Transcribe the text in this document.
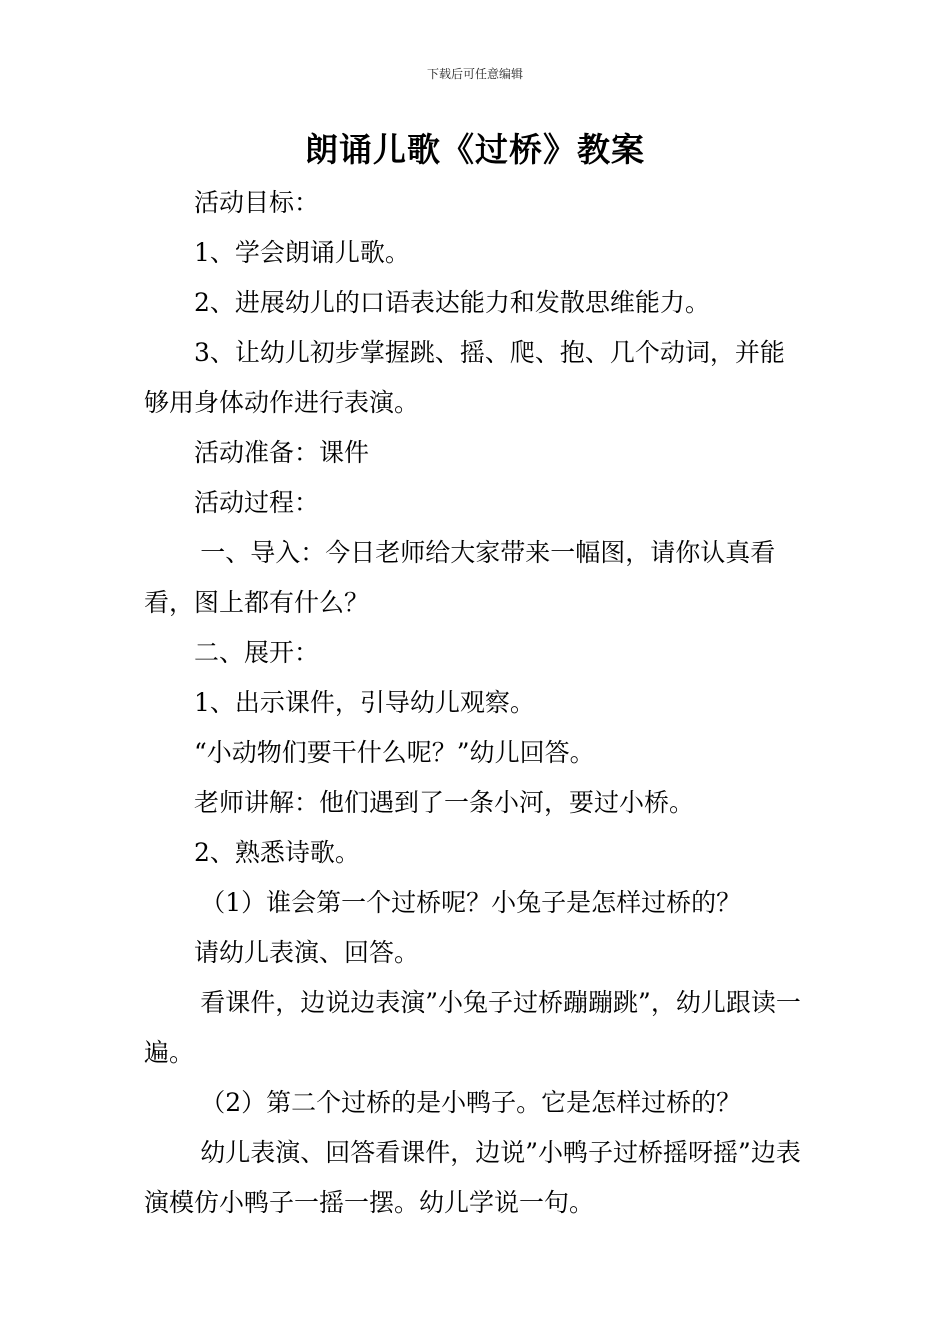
下载后可任意编辑
朗诵儿歌《过桥》教案

活动目标：

1、学会朗诵儿歌。

2、进展幼儿的口语表达能力和发散思维能力。

3、让幼儿初步掌握跳、摇、爬、抱、几个动词，并能够用身体动作进行表演。

活动准备：课件

活动过程：

一、导入：今日老师给大家带来一幅图，请你认真看看，图上都有什么？

二、展开：

1、出示课件，引导幼儿观察。

“小动物们要干什么呢？”幼儿回答。

老师讲解：他们遇到了一条小河，要过小桥。

2、熟悉诗歌。

（1）谁会第一个过桥呢？小兔子是怎样过桥的？

请幼儿表演、回答。

看课件，边说边表演”小兔子过桥蹦蹦跳”，幼儿跟读一遍。

（2）第二个过桥的是小鸭子。它是怎样过桥的？

幼儿表演、回答看课件，边说”小鸭子过桥摇呀摇”边表演模仿小鸭子一摇一摆。幼儿学说一句。
